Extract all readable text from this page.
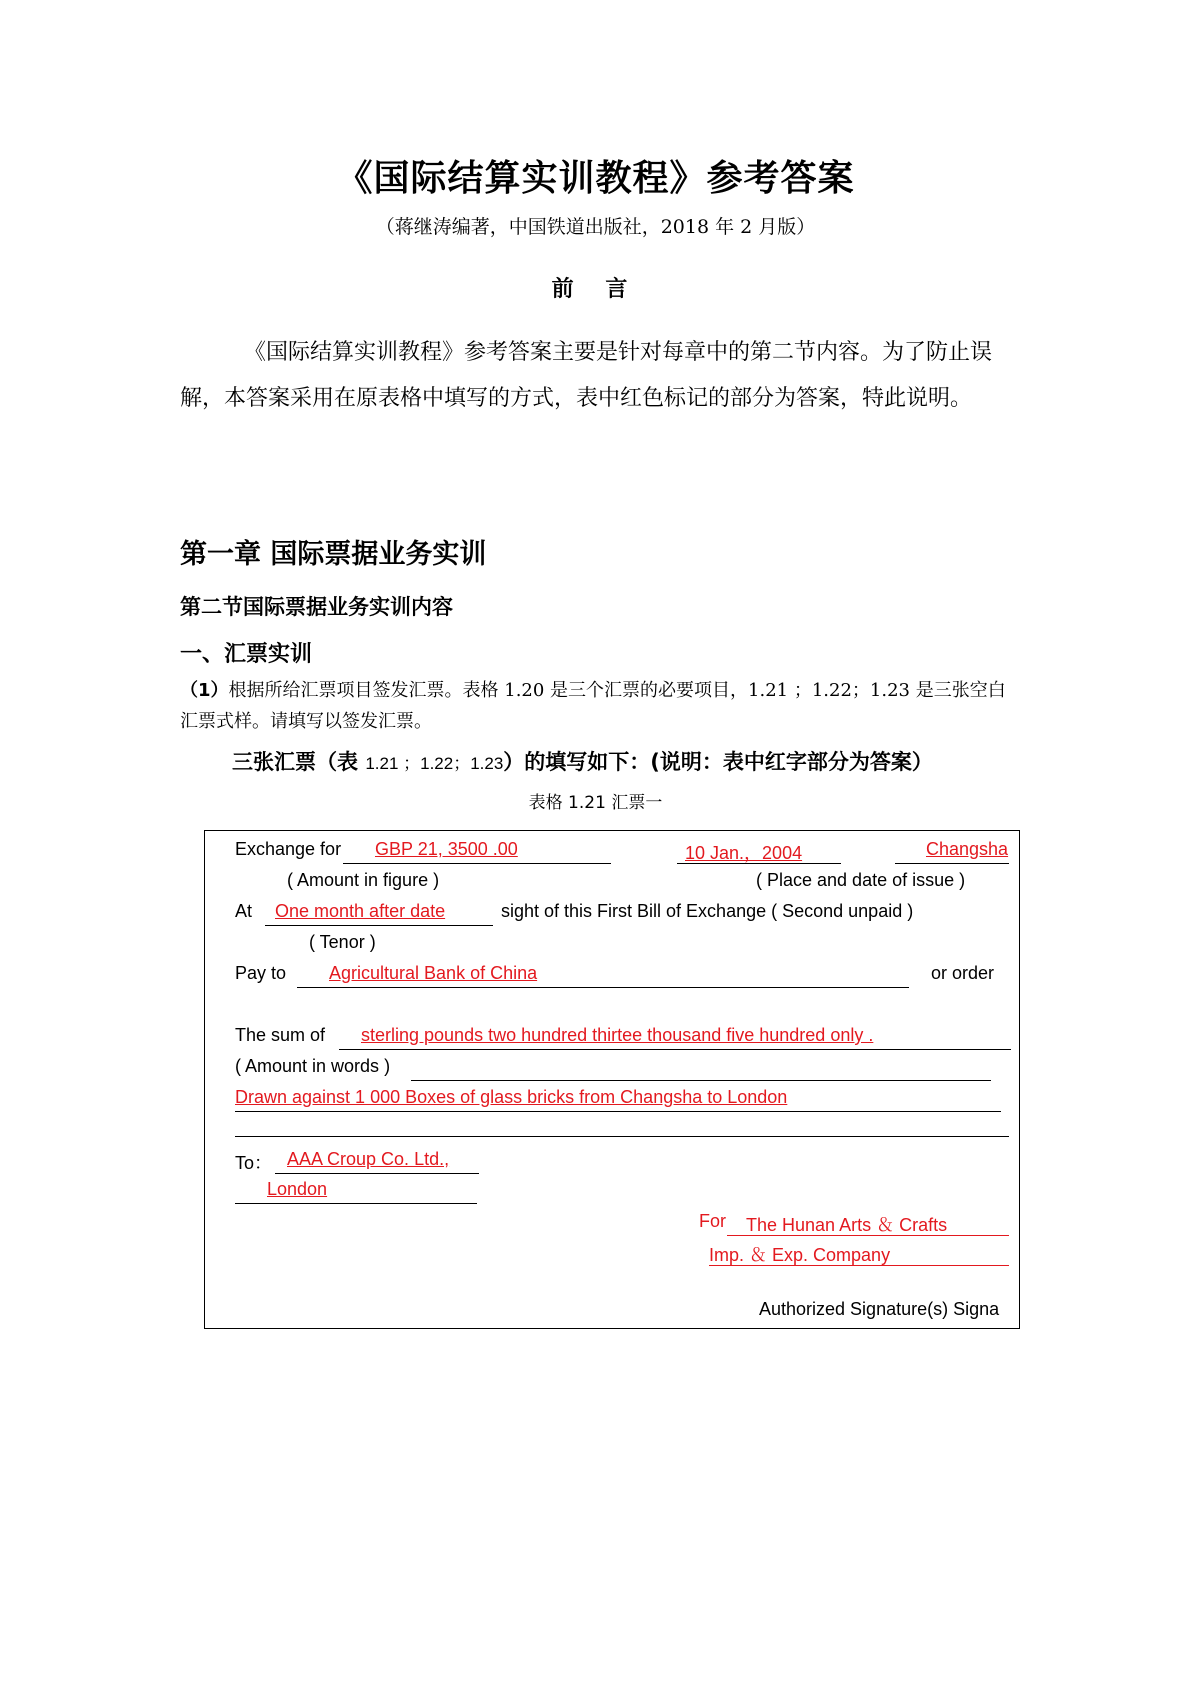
《国际结算实训教程》参考答案
（蒋继涛编著，中国铁道出版社，2018 年 2 月版）
前 言
《国际结算实训教程》参考答案主要是针对每章中的第二节内容。为了防止误解，本答案采用在原表格中填写的方式，表中红色标记的部分为答案，特此说明。
第一章 国际票据业务实训
第二节国际票据业务实训内容
一、汇票实训
（1）根据所给汇票项目签发汇票。表格 1.20 是三个汇票的必要项目，1.21 ；1.22；1.23 是三张空白汇票式样。请填写以签发汇票。
三张汇票（表 1.21 ；1.22；1.23）的填写如下：(说明：表中红字部分为答案）
表格 1.21 汇票一
Exchange for GBP 21, 3500 .00	10 Jan.，2004	Changsha
( Amount in figure )	( Place and date of issue )
At One month after date	sight of this First Bill of Exchange ( Second unpaid )
( Tenor )
Pay to Agricultural Bank of China	or order
The sum of sterling pounds two hundred thirtee thousand five hundred only .
( Amount in words )
Drawn against 1 000 Boxes of glass bricks from Changsha to London
To： AAA Croup Co. Ltd.,
London
For The Hunan Arts ＆ Crafts
Imp. ＆ Exp. Company
Authorized Signature(s) Signa
